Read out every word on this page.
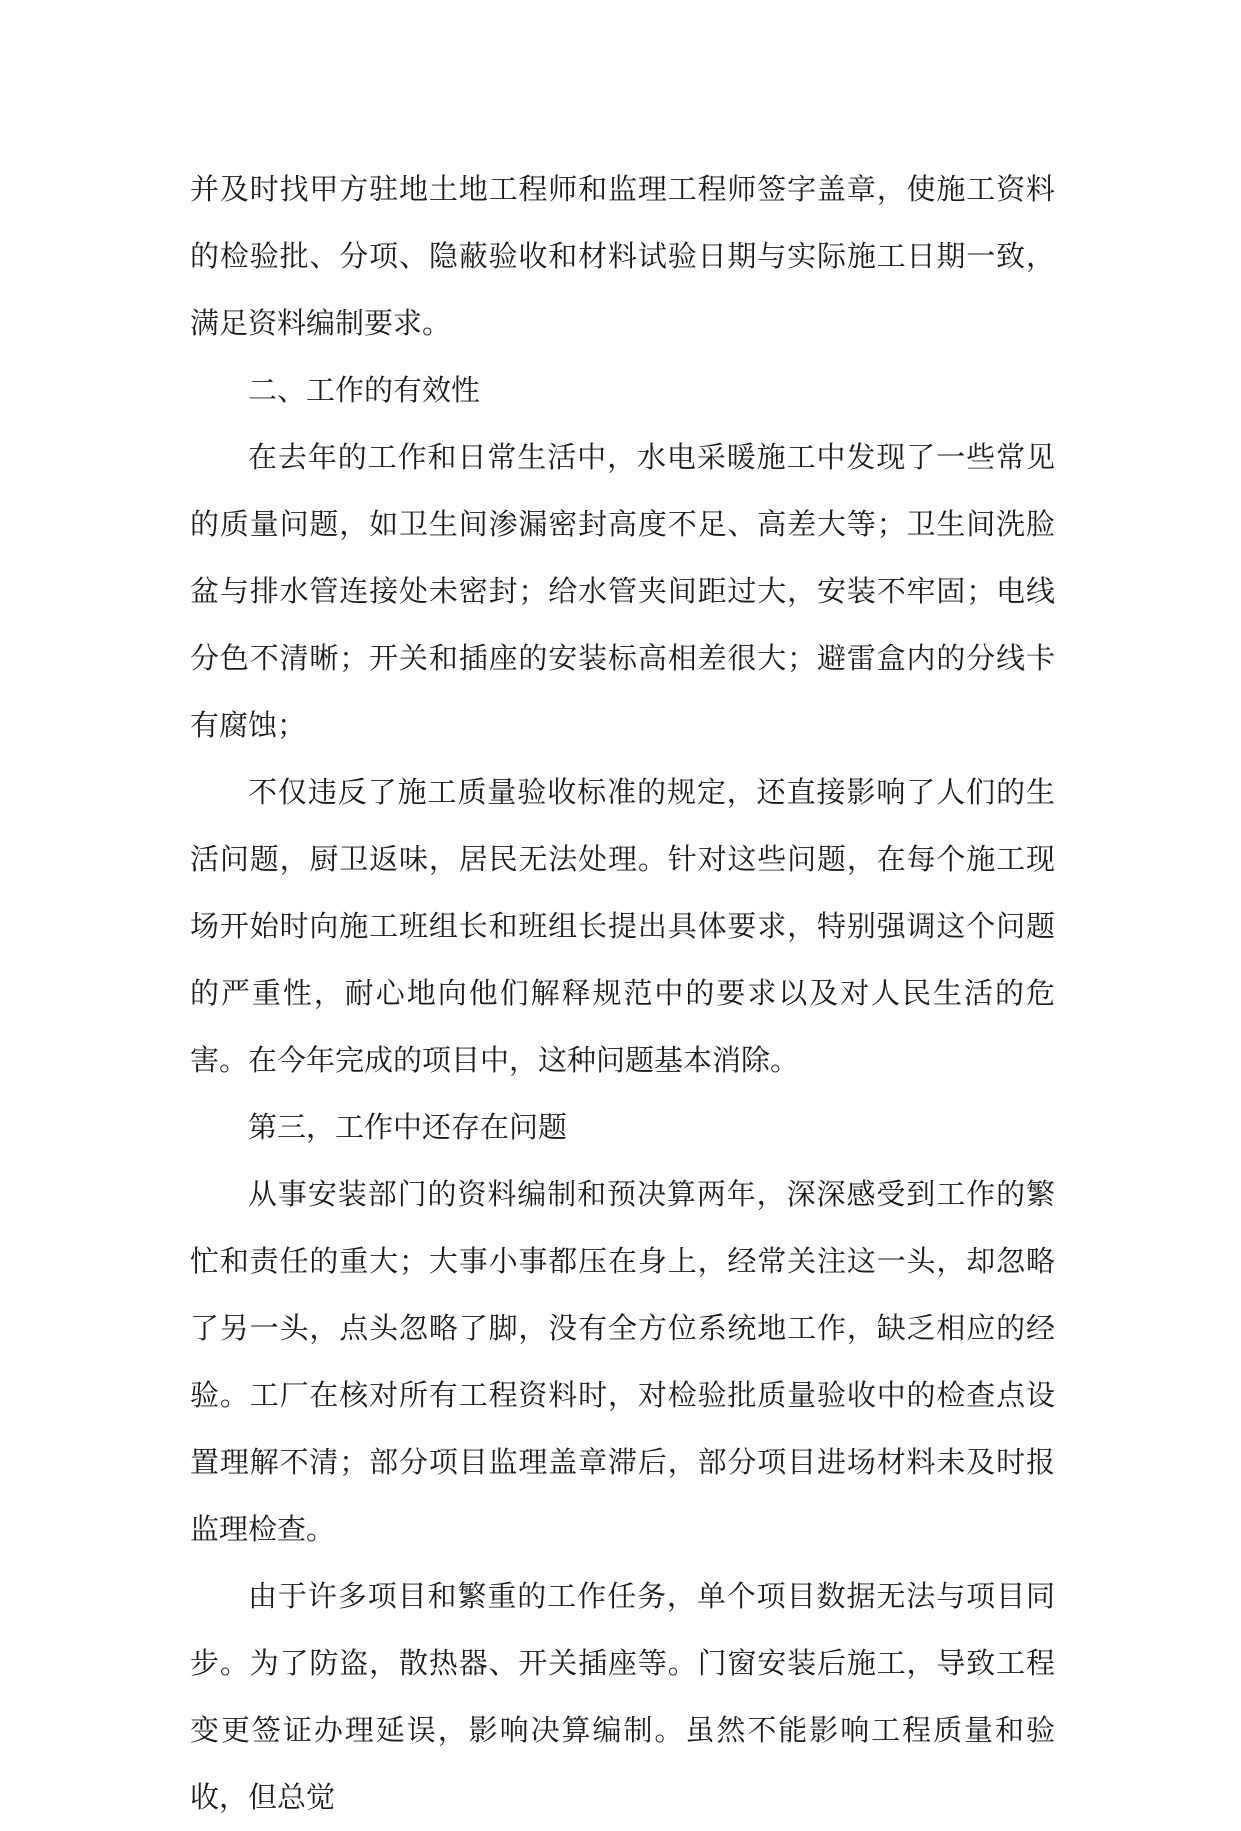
并及时找甲方驻地土地工程师和监理工程师签字盖章，使施工资料的检验批、分项、隐蔽验收和材料试验日期与实际施工日期一致，满足资料编制要求。

二、工作的有效性

在去年的工作和日常生活中，水电采暖施工中发现了一些常见的质量问题，如卫生间渗漏密封高度不足、高差大等；卫生间洗脸盆与排水管连接处未密封；给水管夹间距过大，安装不牢固；电线分色不清晰；开关和插座的安装标高相差很大；避雷盒内的分线卡有腐蚀；

不仅违反了施工质量验收标准的规定，还直接影响了人们的生活问题，厨卫返味，居民无法处理。针对这些问题，在每个施工现场开始时向施工班组长和班组长提出具体要求，特别强调这个问题的严重性，耐心地向他们解释规范中的要求以及对人民生活的危害。在今年完成的项目中，这种问题基本消除。

第三，工作中还存在问题

从事安装部门的资料编制和预决算两年，深深感受到工作的繁忙和责任的重大；大事小事都压在身上，经常关注这一头，却忽略了另一头，点头忽略了脚，没有全方位系统地工作，缺乏相应的经验。工厂在核对所有工程资料时，对检验批质量验收中的检查点设置理解不清；部分项目监理盖章滞后，部分项目进场材料未及时报监理检查。

由于许多项目和繁重的工作任务，单个项目数据无法与项目同步。为了防盗，散热器、开关插座等。门窗安装后施工，导致工程变更签证办理延误，影响决算编制。虽然不能影响工程质量和验收，但总觉
